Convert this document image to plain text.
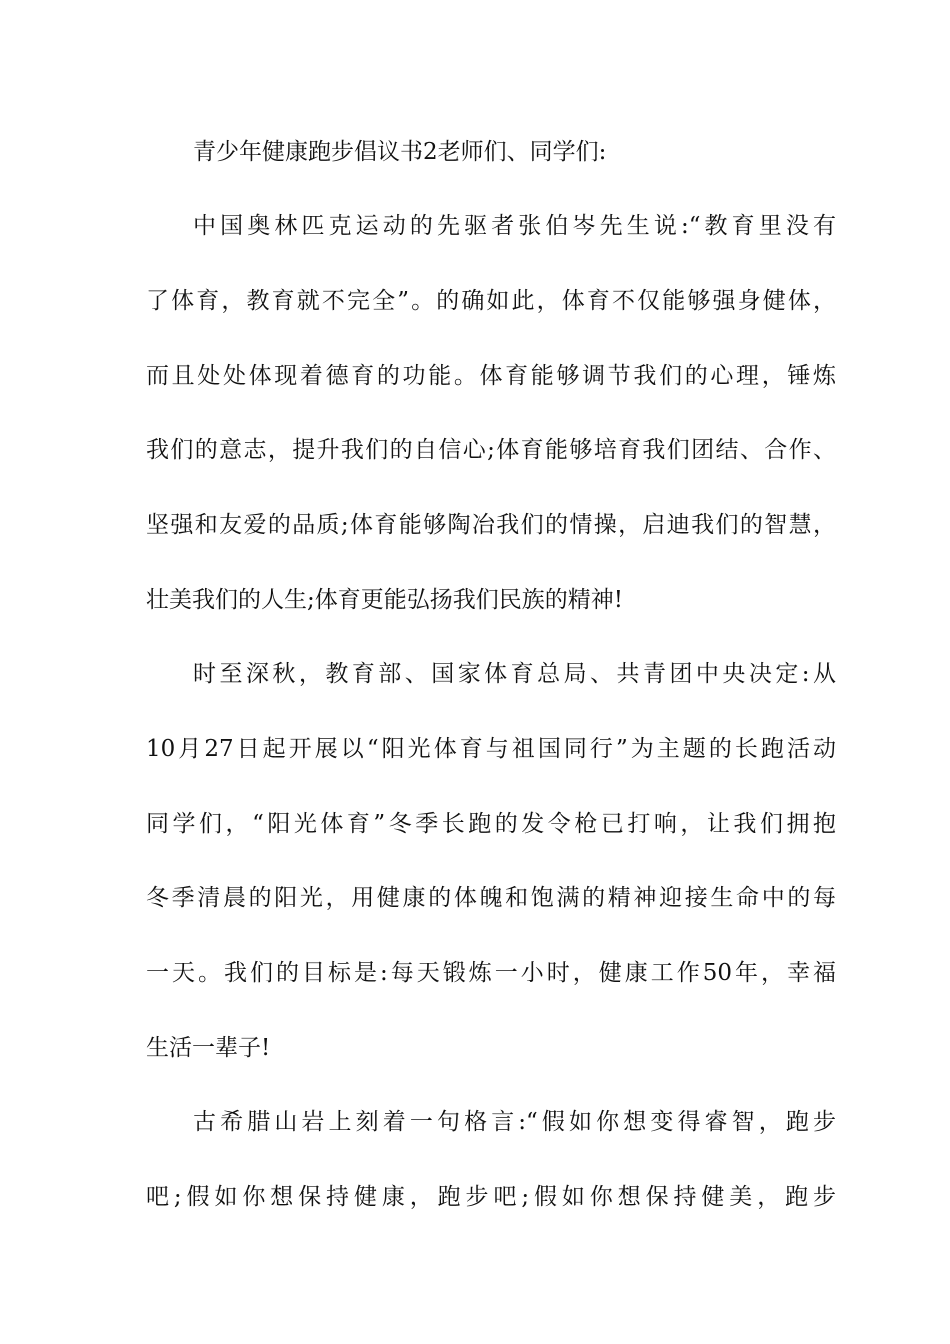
青少年健康跑步倡议书2老师们、同学们:
中国奥林匹克运动的先驱者张伯岑先生说:“教育里没有
了体育，教育就不完全”。的确如此，体育不仅能够强身健体，
而且处处体现着德育的功能。体育能够调节我们的心理，锤炼
我们的意志，提升我们的自信心;体育能够培育我们团结、合作、
坚强和友爱的品质;体育能够陶冶我们的情操，启迪我们的智慧，
壮美我们的人生;体育更能弘扬我们民族的精神!
时至深秋，教育部、国家体育总局、共青团中央决定:从
10月27日起开展以“阳光体育与祖国同行”为主题的长跑活动
同学们，“阳光体育”冬季长跑的发令枪已打响，让我们拥抱
冬季清晨的阳光，用健康的体魄和饱满的精神迎接生命中的每
一天。我们的目标是:每天锻炼一小时，健康工作50年，幸福
生活一辈子!
古希腊山岩上刻着一句格言:“假如你想变得睿智，跑步
吧;假如你想保持健康，跑步吧;假如你想保持健美，跑步
